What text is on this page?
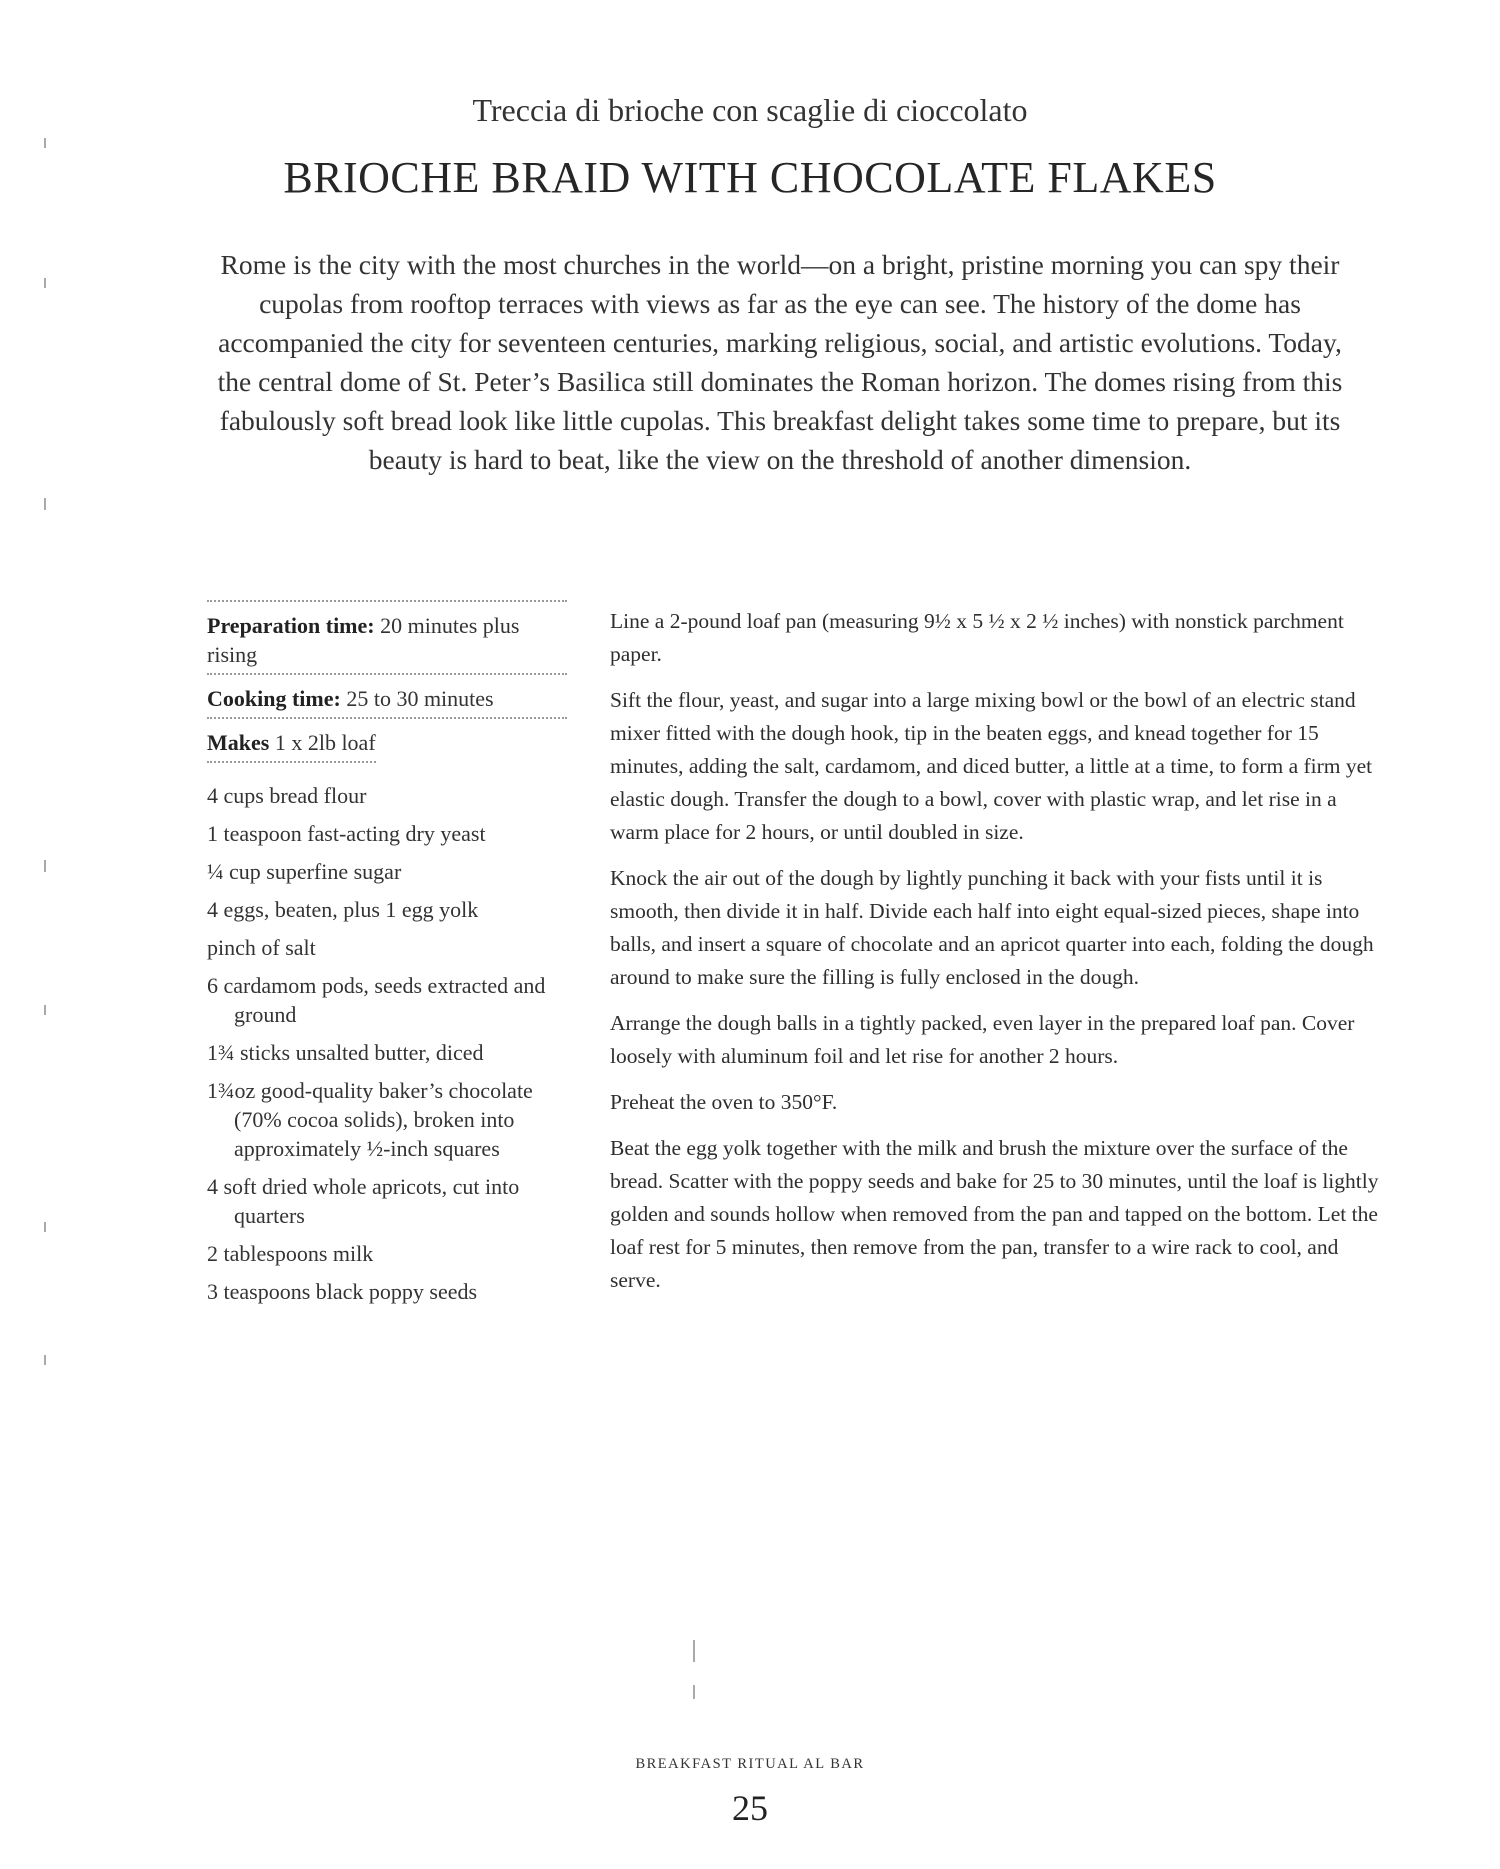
Treccia di brioche con scaglie di cioccolato
BRIOCHE BRAID WITH CHOCOLATE FLAKES
Rome is the city with the most churches in the world—on a bright, pristine morning you can spy their cupolas from rooftop terraces with views as far as the eye can see. The history of the dome has accompanied the city for seventeen centuries, marking religious, social, and artistic evolutions. Today, the central dome of St. Peter’s Basilica still dominates the Roman horizon. The domes rising from this fabulously soft bread look like little cupolas. This breakfast delight takes some time to prepare, but its beauty is hard to beat, like the view on the threshold of another dimension.
Preparation time: 20 minutes plus rising
Cooking time: 25 to 30 minutes
Makes 1 x 2lb loaf
4 cups bread flour
1 teaspoon fast-acting dry yeast
¼ cup superfine sugar
4 eggs, beaten, plus 1 egg yolk
pinch of salt
6 cardamom pods, seeds extracted and ground
1¾ sticks unsalted butter, diced
1¾oz good-quality baker’s chocolate (70% cocoa solids), broken into approximately ½-inch squares
4 soft dried whole apricots, cut into quarters
2 tablespoons milk
3 teaspoons black poppy seeds

Line a 2-pound loaf pan (measuring 9½ x 5 ½ x 2 ½ inches) with nonstick parchment paper.

Sift the flour, yeast, and sugar into a large mixing bowl or the bowl of an electric stand mixer fitted with the dough hook, tip in the beaten eggs, and knead together for 15 minutes, adding the salt, cardamom, and diced butter, a little at a time, to form a firm yet elastic dough. Transfer the dough to a bowl, cover with plastic wrap, and let rise in a warm place for 2 hours, or until doubled in size.

Knock the air out of the dough by lightly punching it back with your fists until it is smooth, then divide it in half. Divide each half into eight equal-sized pieces, shape into balls, and insert a square of chocolate and an apricot quarter into each, folding the dough around to make sure the filling is fully enclosed in the dough.

Arrange the dough balls in a tightly packed, even layer in the prepared loaf pan. Cover loosely with aluminum foil and let rise for another 2 hours.

Preheat the oven to 350°F.

Beat the egg yolk together with the milk and brush the mixture over the surface of the bread. Scatter with the poppy seeds and bake for 25 to 30 minutes, until the loaf is lightly golden and sounds hollow when removed from the pan and tapped on the bottom. Let the loaf rest for 5 minutes, then remove from the pan, transfer to a wire rack to cool, and serve.

BREAKFAST RITUAL AL BAR
25
